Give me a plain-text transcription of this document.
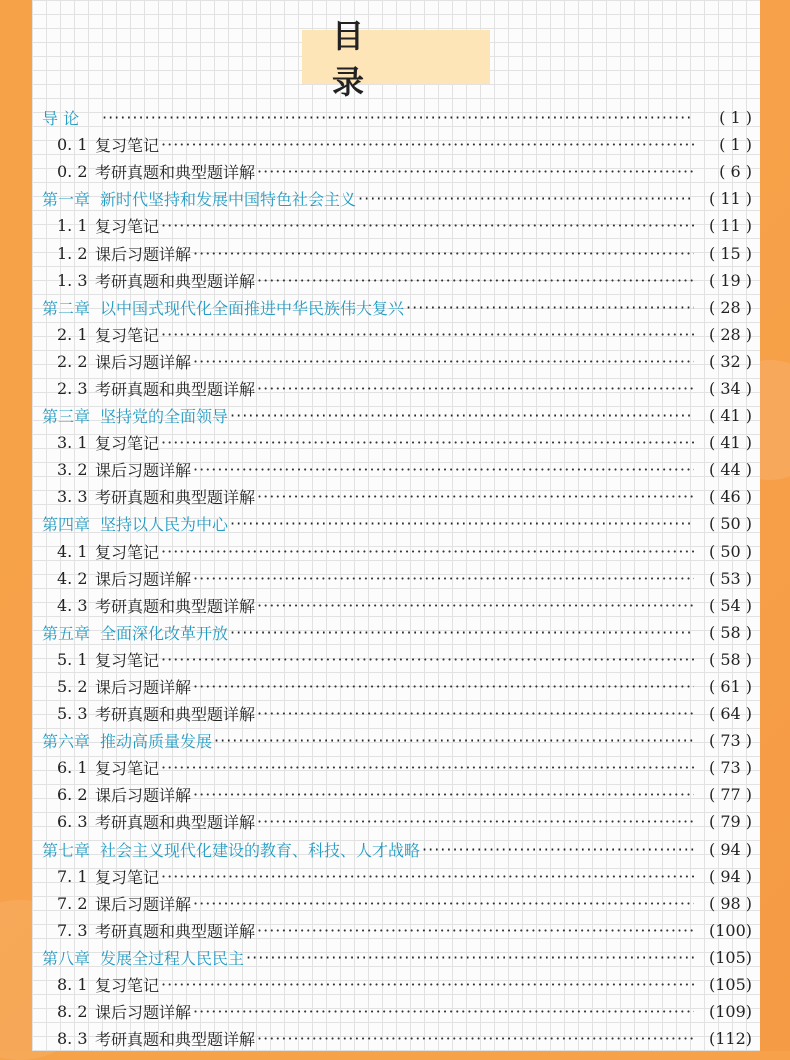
目 录
导 论 ·····	( 1 )
0. 1 复习笔记 ·····	( 1 )
0. 2 考研真题和典型题详解 ·····	( 6 )
第一章 新时代坚持和发展中国特色社会主义 ·····	( 11 )
1. 1 复习笔记 ·····	( 11 )
1. 2 课后习题详解 ·····	( 15 )
1. 3 考研真题和典型题详解 ·····	( 19 )
第二章 以中国式现代化全面推进中华民族伟大复兴 ·····	( 28 )
2. 1 复习笔记 ·····	( 28 )
2. 2 课后习题详解 ·····	( 32 )
2. 3 考研真题和典型题详解 ·····	( 34 )
第三章 坚持党的全面领导 ·····	( 41 )
3. 1 复习笔记 ·····	( 41 )
3. 2 课后习题详解 ·····	( 44 )
3. 3 考研真题和典型题详解 ·····	( 46 )
第四章 坚持以人民为中心 ·····	( 50 )
4. 1 复习笔记 ·····	( 50 )
4. 2 课后习题详解 ·····	( 53 )
4. 3 考研真题和典型题详解 ·····	( 54 )
第五章 全面深化改革开放 ·····	( 58 )
5. 1 复习笔记 ·····	( 58 )
5. 2 课后习题详解 ·····	( 61 )
5. 3 考研真题和典型题详解 ·····	( 64 )
第六章 推动高质量发展 ·····	( 73 )
6. 1 复习笔记 ·····	( 73 )
6. 2 课后习题详解 ·····	( 77 )
6. 3 考研真题和典型题详解 ·····	( 79 )
第七章 社会主义现代化建设的教育、科技、人才战略 ·····	( 94 )
7. 1 复习笔记 ·····	( 94 )
7. 2 课后习题详解 ·····	( 98 )
7. 3 考研真题和典型题详解 ·····	(100)
第八章 发展全过程人民民主 ·····	(105)
8. 1 复习笔记 ·····	(105)
8. 2 课后习题详解 ·····	(109)
8. 3 考研真题和典型题详解 ·····	(112)
